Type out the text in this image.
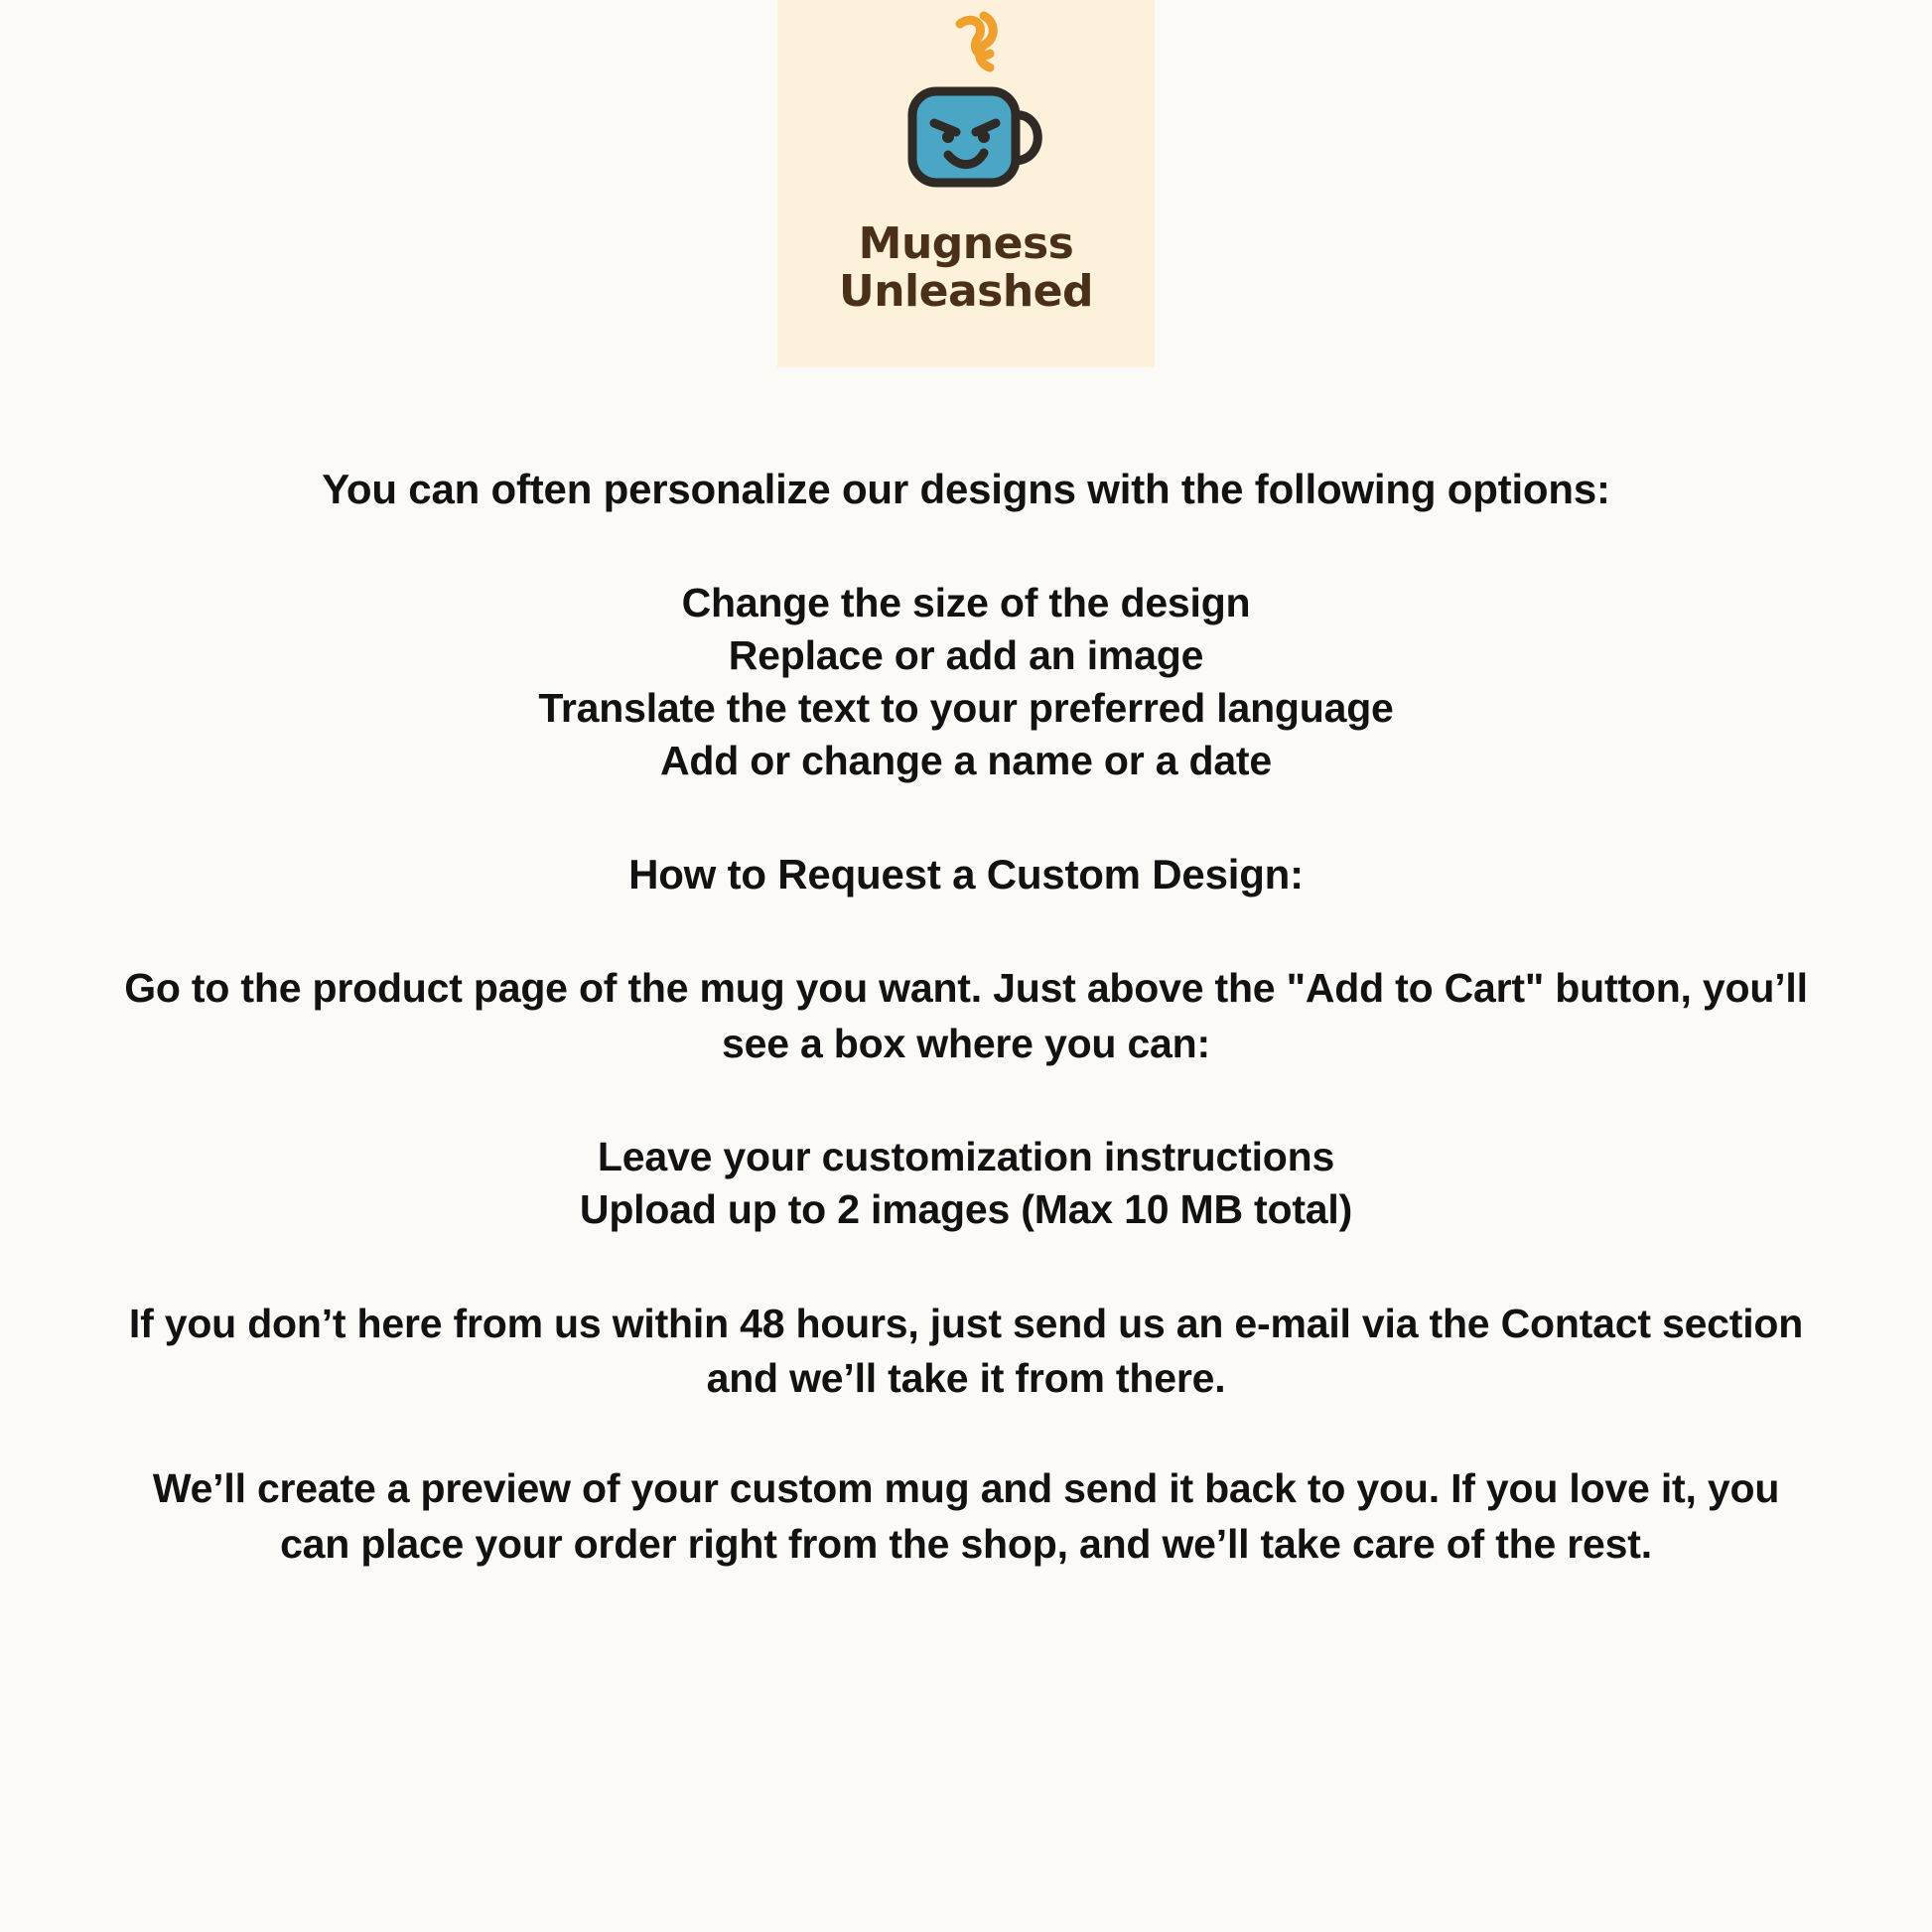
Mugness
Unleashed
You can often personalize our designs with the following options:
Change the size of the design
Replace or add an image
Translate the text to your preferred language
Add or change a name or a date
How to Request a Custom Design:
Go to the product page of the mug you want. Just above the "Add to Cart" button, you’ll see a box where you can:
Leave your customization instructions
Upload up to 2 images (Max 10 MB total)
If you don’t here from us within 48 hours, just send us an e-mail via the Contact section and we’ll take it from there.
We’ll create a preview of your custom mug and send it back to you. If you love it, you can place your order right from the shop, and we’ll take care of the rest.
